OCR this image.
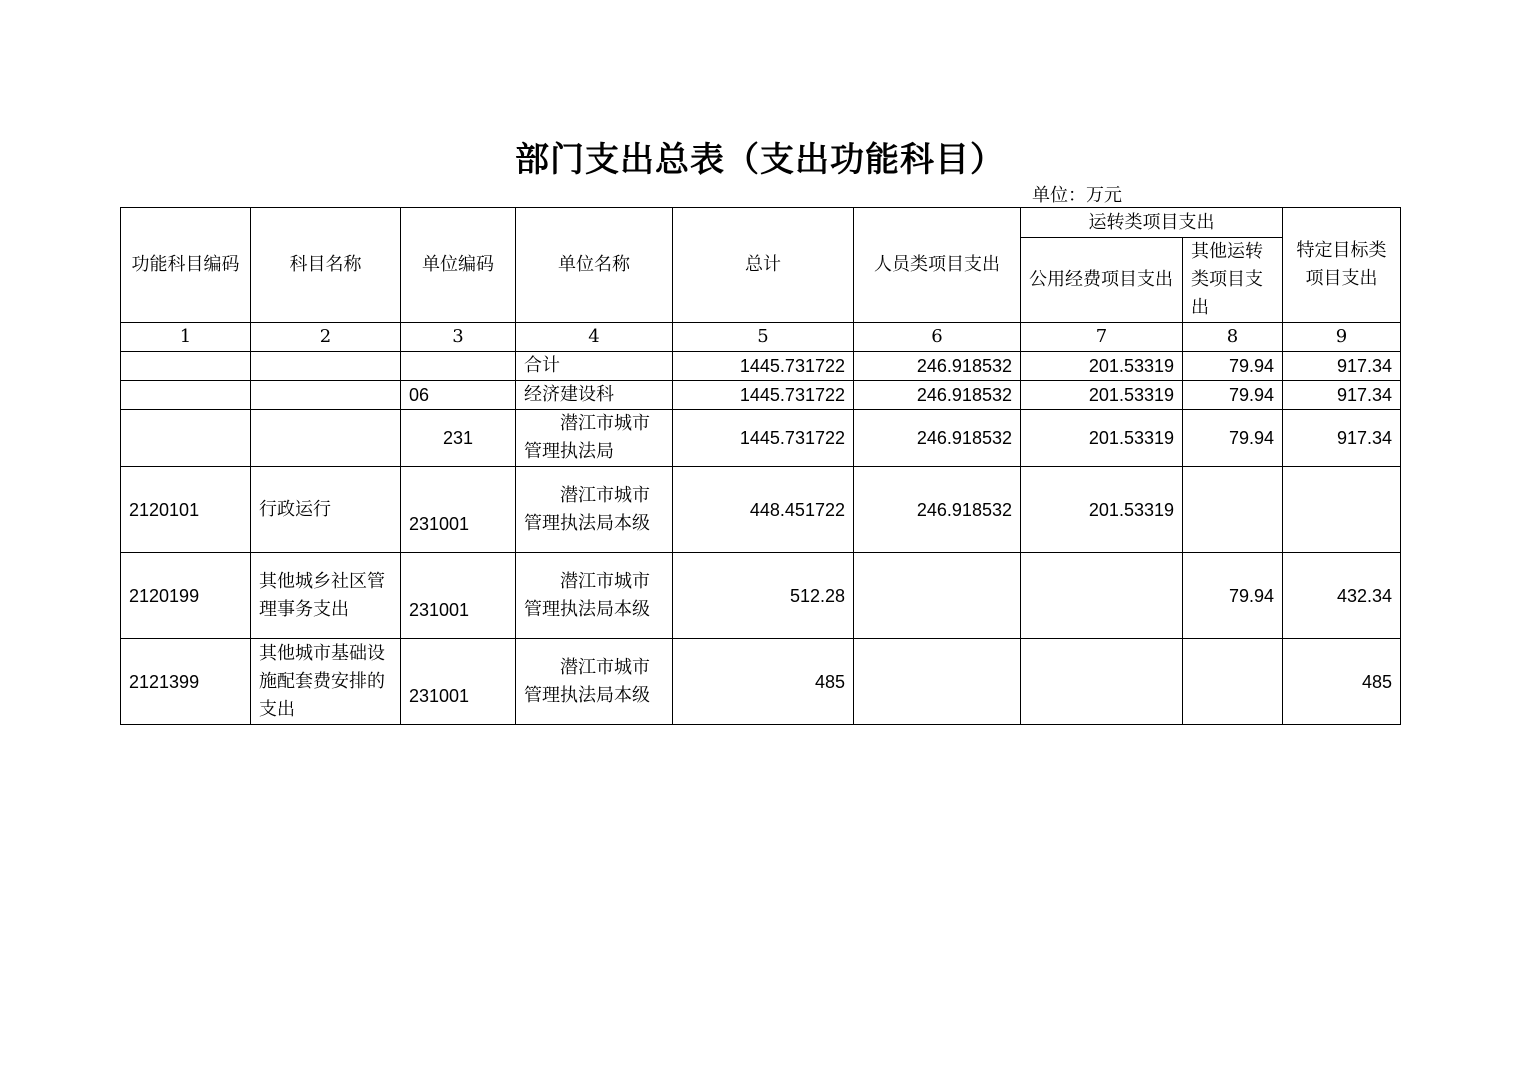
部门支出总表（支出功能科目）
单位：万元
功能科目编码	科目名称	单位编码	单位名称	总计	人员类项目支出	运转类项目支出		特定目标类项目支出
						公用经费项目支出	其他运转类项目支出	
1	2	3	4	5	6	7	8	9
			合计	1445.731722	246.918532	201.53319	79.94	917.34
		06	经济建设科	1445.731722	246.918532	201.53319	79.94	917.34
		231	潜江市城市管理执法局	1445.731722	246.918532	201.53319	79.94	917.34
2120101	行政运行	231001	潜江市城市管理执法局本级	448.451722	246.918532	201.53319		
2120199	其他城乡社区管理事务支出	231001	潜江市城市管理执法局本级	512.28			79.94	432.34
2121399	其他城市基础设施配套费安排的支出	231001	潜江市城市管理执法局本级	485				485
